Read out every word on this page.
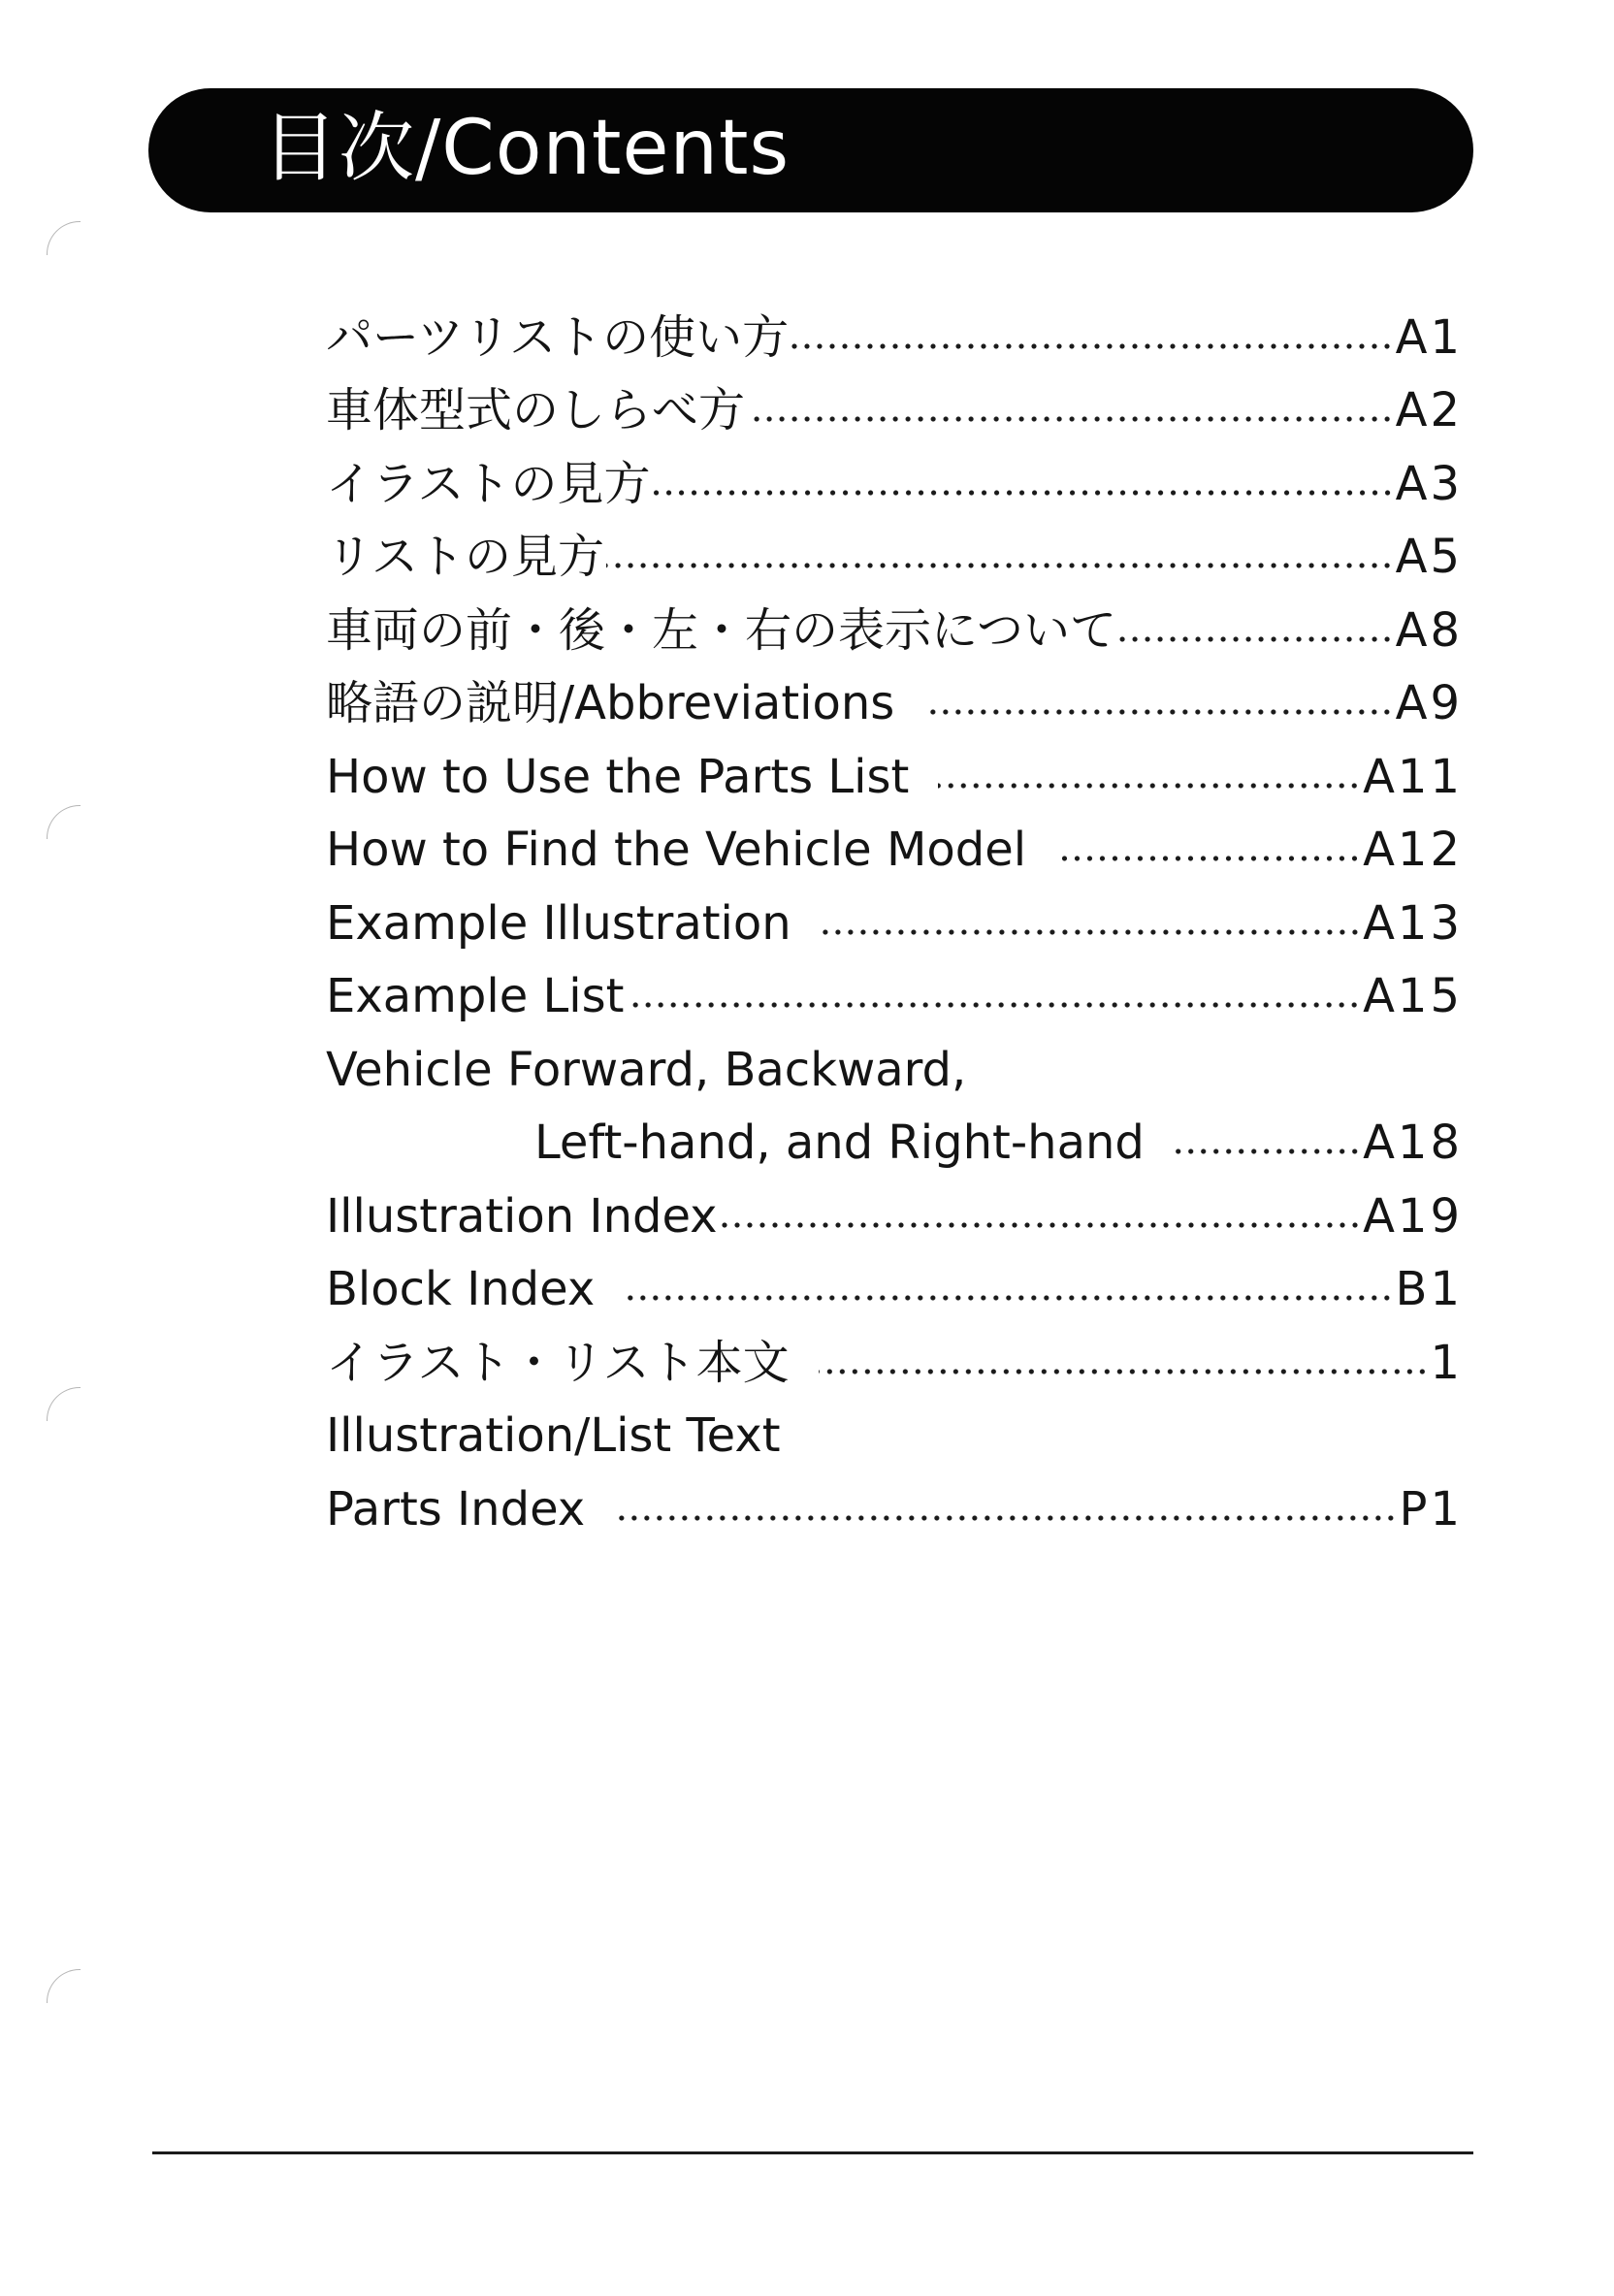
目次/Contents
パーツリストの使い方	A1
車体型式のしらべ方	A2
イラストの見方	A3
リストの見方	A5
車両の前・後・左・右の表示について	A8
略語の説明/Abbreviations	A9
How to Use the Parts List	A11
How to Find the Vehicle Model	A12
Example Illustration	A13
Example List	A15
Vehicle Forward, Backward,
Left-hand, and Right-hand	A18
Illustration Index	A19
Block Index	B1
イラスト・リスト本文	1
Illustration/List Text
Parts Index	P1
